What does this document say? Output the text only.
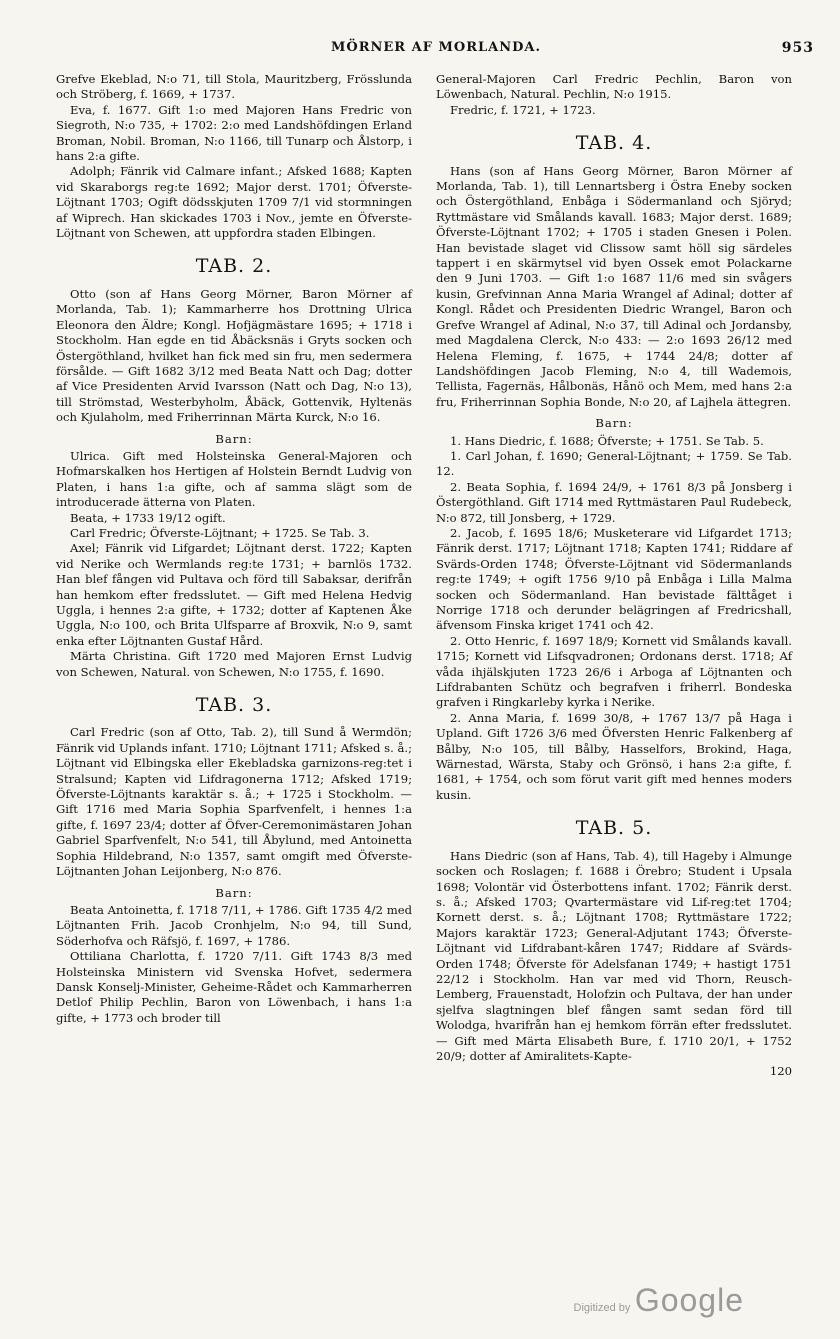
MÖRNER AF MORLANDA.	953

Grefve Ekeblad, N:o 71, till Stola, Mauritzberg, Frösslunda och Ströberg, f. 1669, + 1737.

Eva, f. 1677. Gift 1:o med Majoren Hans Fredric von Siegroth, N:o 735, + 1702: 2:o med Landshöfdingen Erland Broman, Nobil. Broman, N:o 1166, till Tunarp och Ålstorp, i hans 2:a gifte.

Adolph; Fänrik vid Calmare infant.; Afsked 1688; Kapten vid Skaraborgs reg:te 1692; Major derst. 1701; Öfverste-Löjtnant 1703; Ogift dödsskjuten 1709 7/1 vid stormningen af Wiprech. Han skickades 1703 i Nov., jemte en Öfverste-Löjtnant von Schewen, att uppfordra staden Elbingen.

TAB. 2.

Otto (son af Hans Georg Mörner, Baron Mörner af Morlanda, Tab. 1); Kammarherre hos Drottning Ulrica Eleonora den Äldre; Kongl. Hofjägmästare 1695; + 1718 i Stockholm. Han egde en tid Åbäcksnäs i Gryts socken och Östergöthland, hvilket han fick med sin fru, men sedermera försålde. — Gift 1682 3/12 med Beata Natt och Dag; dotter af Vice Presidenten Arvid Ivarsson (Natt och Dag, N:o 13), till Strömstad, Westerbyholm, Åbäck, Gottenvik, Hyltenäs och Kjulaholm, med Friherrinnan Märta Kurck, N:o 16.

Barn:

Ulrica. Gift med Holsteinska General-Majoren och Hofmarskalken hos Hertigen af Holstein Berndt Ludvig von Platen, i hans 1:a gifte, och af samma slägt som de introducerade ätterna von Platen.

Beata, + 1733 19/12 ogift.

Carl Fredric; Öfverste-Löjtnant; + 1725. Se Tab. 3.

Axel; Fänrik vid Lifgardet; Löjtnant derst. 1722; Kapten vid Nerike och Wermlands reg:te 1731; + barnlös 1732. Han blef fången vid Pultava och förd till Sabaksar, derifrån han hemkom efter fredsslutet. — Gift med Helena Hedvig Uggla, i hennes 2:a gifte, + 1732; dotter af Kaptenen Åke Uggla, N:o 100, och Brita Ulfsparre af Broxvik, N:o 9, samt enka efter Löjtnanten Gustaf Hård.

Märta Christina. Gift 1720 med Majoren Ernst Ludvig von Schewen, Natural. von Schewen, N:o 1755, f. 1690.

TAB. 3.

Carl Fredric (son af Otto, Tab. 2), till Sund å Wermdön; Fänrik vid Uplands infant. 1710; Löjtnant 1711; Afsked s. å.; Löjtnant vid Elbingska eller Ekebladska garnizons-reg:tet i Stralsund; Kapten vid Lifdragonerna 1712; Afsked 1719; Öfverste-Löjtnants karaktär s. å.; + 1725 i Stockholm. — Gift 1716 med Maria Sophia Sparfvenfelt, i hennes 1:a gifte, f. 1697 23/4; dotter af Öfver-Ceremonimästaren Johan Gabriel Sparfvenfelt, N:o 541, till Åbylund, med Antoinetta Sophia Hildebrand, N:o 1357, samt omgift med Öfverste-Löjtnanten Johan Leijonberg, N:o 876.

Barn:

Beata Antoinetta, f. 1718 7/11, + 1786. Gift 1735 4/2 med Löjtnanten Frih. Jacob Cronhjelm, N:o 94, till Sund, Söderhofva och Räfsjö, f. 1697, + 1786.

Ottiliana Charlotta, f. 1720 7/11. Gift 1743 8/3 med Holsteinska Ministern vid Svenska Hofvet, sedermera Dansk Konselj-Minister, Geheime-Rådet och Kammarherren Detlof Philip Pechlin, Baron von Löwenbach, i hans 1:a gifte, + 1773 och broder till

General-Majoren Carl Fredric Pechlin, Baron von Löwenbach, Natural. Pechlin, N:o 1915.

Fredric, f. 1721, + 1723.

TAB. 4.

Hans (son af Hans Georg Mörner, Baron Mörner af Morlanda, Tab. 1), till Lennartsberg i Östra Eneby socken och Östergöthland, Enbåga i Södermanland och Sjöryd; Ryttmästare vid Smålands kavall. 1683; Major derst. 1689; Öfverste-Löjtnant 1702; + 1705 i staden Gnesen i Polen. Han bevistade slaget vid Clissow samt höll sig särdeles tappert i en skärmytsel vid byen Ossek emot Polackarne den 9 Juni 1703. — Gift 1:o 1687 11/6 med sin svågers kusin, Grefvinnan Anna Maria Wrangel af Adinal; dotter af Kongl. Rådet och Presidenten Diedric Wrangel, Baron och Grefve Wrangel af Adinal, N:o 37, till Adinal och Jordansby, med Magdalena Clerck, N:o 433: — 2:o 1693 26/12 med Helena Fleming, f. 1675, + 1744 24/8; dotter af Landshöfdingen Jacob Fleming, N:o 4, till Wademois, Tellista, Fagernäs, Hålbonäs, Hånö och Mem, med hans 2:a fru, Friherrinnan Sophia Bonde, N:o 20, af Lajhela ättegren.

Barn:

1. Hans Diedric, f. 1688; Öfverste; + 1751. Se Tab. 5.

1. Carl Johan, f. 1690; General-Löjtnant; + 1759. Se Tab. 12.

2. Beata Sophia, f. 1694 24/9, + 1761 8/3 på Jonsberg i Östergöthland. Gift 1714 med Ryttmästaren Paul Rudebeck, N:o 872, till Jonsberg, + 1729.

2. Jacob, f. 1695 18/6; Musketerare vid Lifgardet 1713; Fänrik derst. 1717; Löjtnant 1718; Kapten 1741; Riddare af Svärds-Orden 1748; Öfverste-Löjtnant vid Södermanlands reg:te 1749; + ogift 1756 9/10 på Enbåga i Lilla Malma socken och Södermanland. Han bevistade fälttåget i Norrige 1718 och derunder belägringen af Fredricshall, äfvensom Finska kriget 1741 och 42.

2. Otto Henric, f. 1697 18/9; Kornett vid Smålands kavall. 1715; Kornett vid Lifsqvadronen; Ordonans derst. 1718; Af våda ihjälskjuten 1723 26/6 i Arboga af Löjtnanten och Lifdrabanten Schütz och begrafven i friherrl. Bondeska grafven i Ringkarleby kyrka i Nerike.

2. Anna Maria, f. 1699 30/8, + 1767 13/7 på Haga i Upland. Gift 1726 3/6 med Öfversten Henric Falkenberg af Bålby, N:o 105, till Bålby, Hasselfors, Brokind, Haga, Wärnestad, Wärsta, Staby och Grönsö, i hans 2:a gifte, f. 1681, + 1754, och som förut varit gift med hennes moders kusin.

TAB. 5.

Hans Diedric (son af Hans, Tab. 4), till Hageby i Almunge socken och Roslagen; f. 1688 i Örebro; Student i Upsala 1698; Volontär vid Österbottens infant. 1702; Fänrik derst. s. å.; Afsked 1703; Qvartermästare vid Lif-reg:tet 1704; Kornett derst. s. å.; Löjtnant 1708; Ryttmästare 1722; Majors karaktär 1723; General-Adjutant 1743; Öfverste-Löjtnant vid Lifdrabant-kåren 1747; Riddare af Svärds-Orden 1748; Öfverste för Adelsfanan 1749; + hastigt 1751 22/12 i Stockholm. Han var med vid Thorn, Reusch-Lemberg, Frauenstadt, Holofzin och Pultava, der han under sjelfva slagtningen blef fången samt sedan förd till Wolodga, hvarifrån han ej hemkom förrän efter fredsslutet. — Gift med Märta Elisabeth Bure, f. 1710 20/1, + 1752 20/9; dotter af Amiralitets-Kapte-

120

Digitized by Google
